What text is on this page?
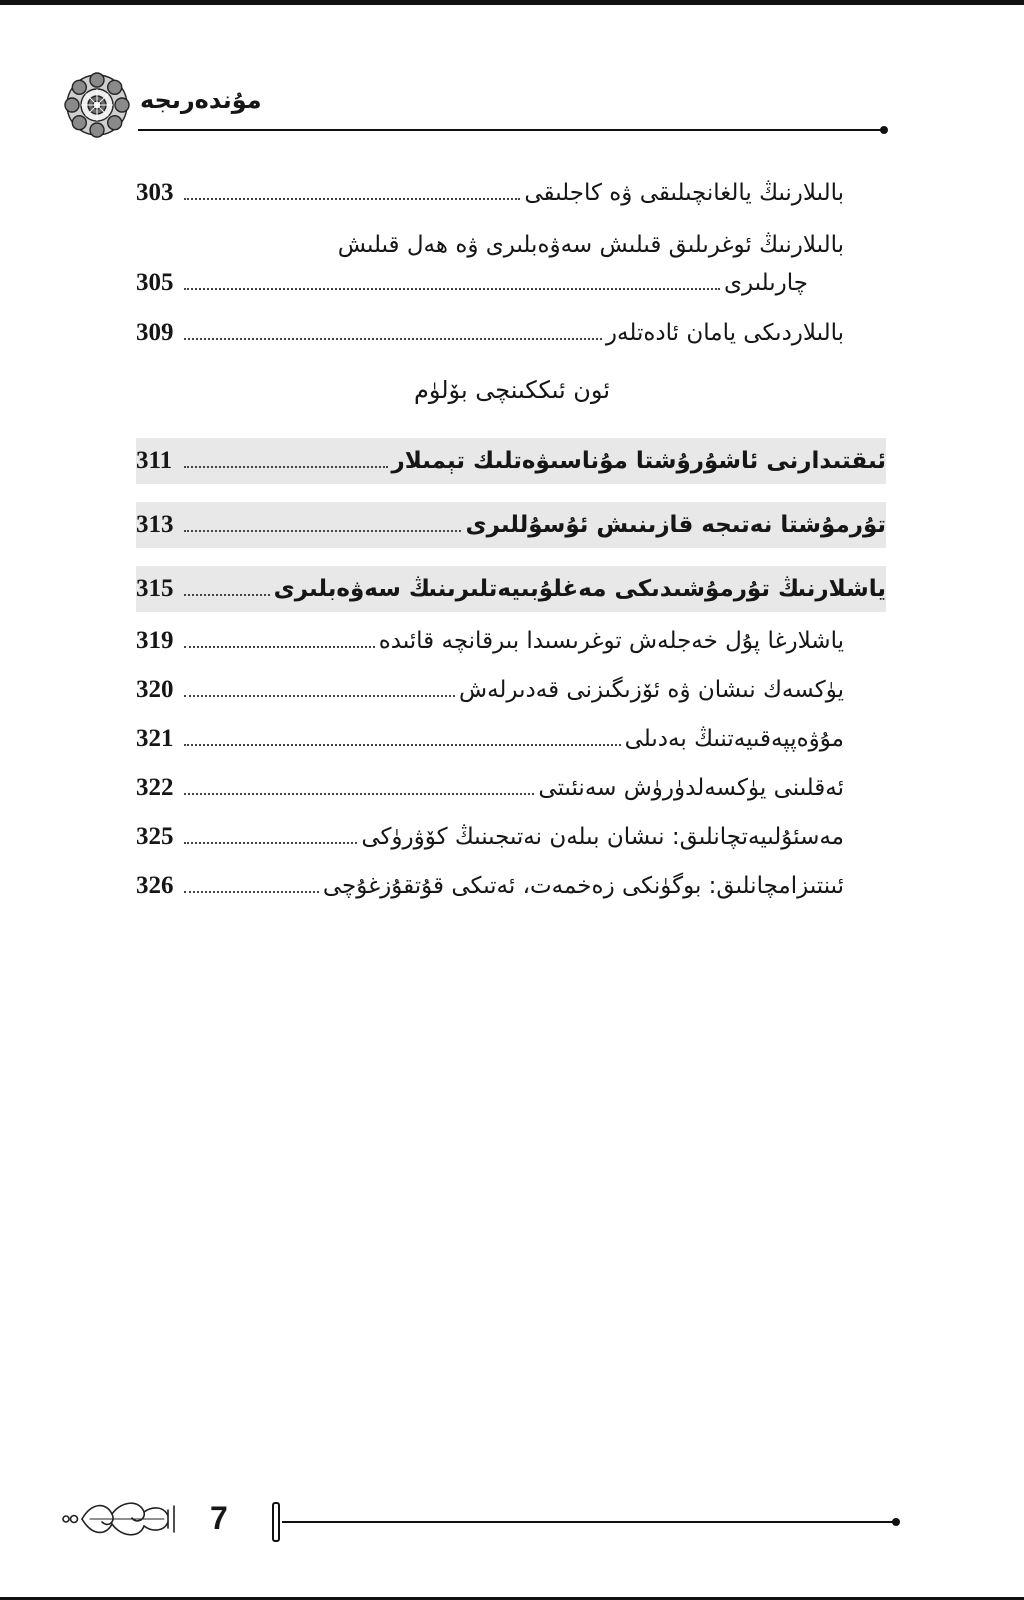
مۇندەرىجە
303	بالىلارنىڭ يالغانچىلىقى ۋە كاجلىقى
بالىلارنىڭ ئوغرىلىق قىلىش سەۋەبلىرى ۋە ھەل قىلىش
305	چارىلىرى
309	بالىلاردىكى يامان ئادەتلەر
ئون ئىككىنچى بۆلۈم
311	ئىقتىدارنى ئاشۇرۇشتا مۇناسىۋەتلىك تېمىلار
313	تۇرمۇشتا نەتىجە قازىنىش ئۇسۇللىرى
315	ياشلارنىڭ تۇرمۇشىدىكى مەغلۇبىيەتلىرىنىڭ سەۋەبلىرى
319	ياشلارغا پۇل خەجلەش توغرىسىدا بىرقانچە قائىدە
320	يۈكسەك نىشان ۋە ئۆزىگىزنى قەدىرلەش
321	مۇۋەپپەقىيەتنىڭ بەدىلى
322	ئەقلىنى يۈكسەلدۈرۈش سەنئىتى
325	مەسئۇلىيەتچانلىق: نىشان بىلەن نەتىجىنىڭ كۆۋرۈكى
326	ئىنتىزامچانلىق: بوگۈنكى زەخمەت، ئەتىكى قۇتقۇزغۇچى
7
